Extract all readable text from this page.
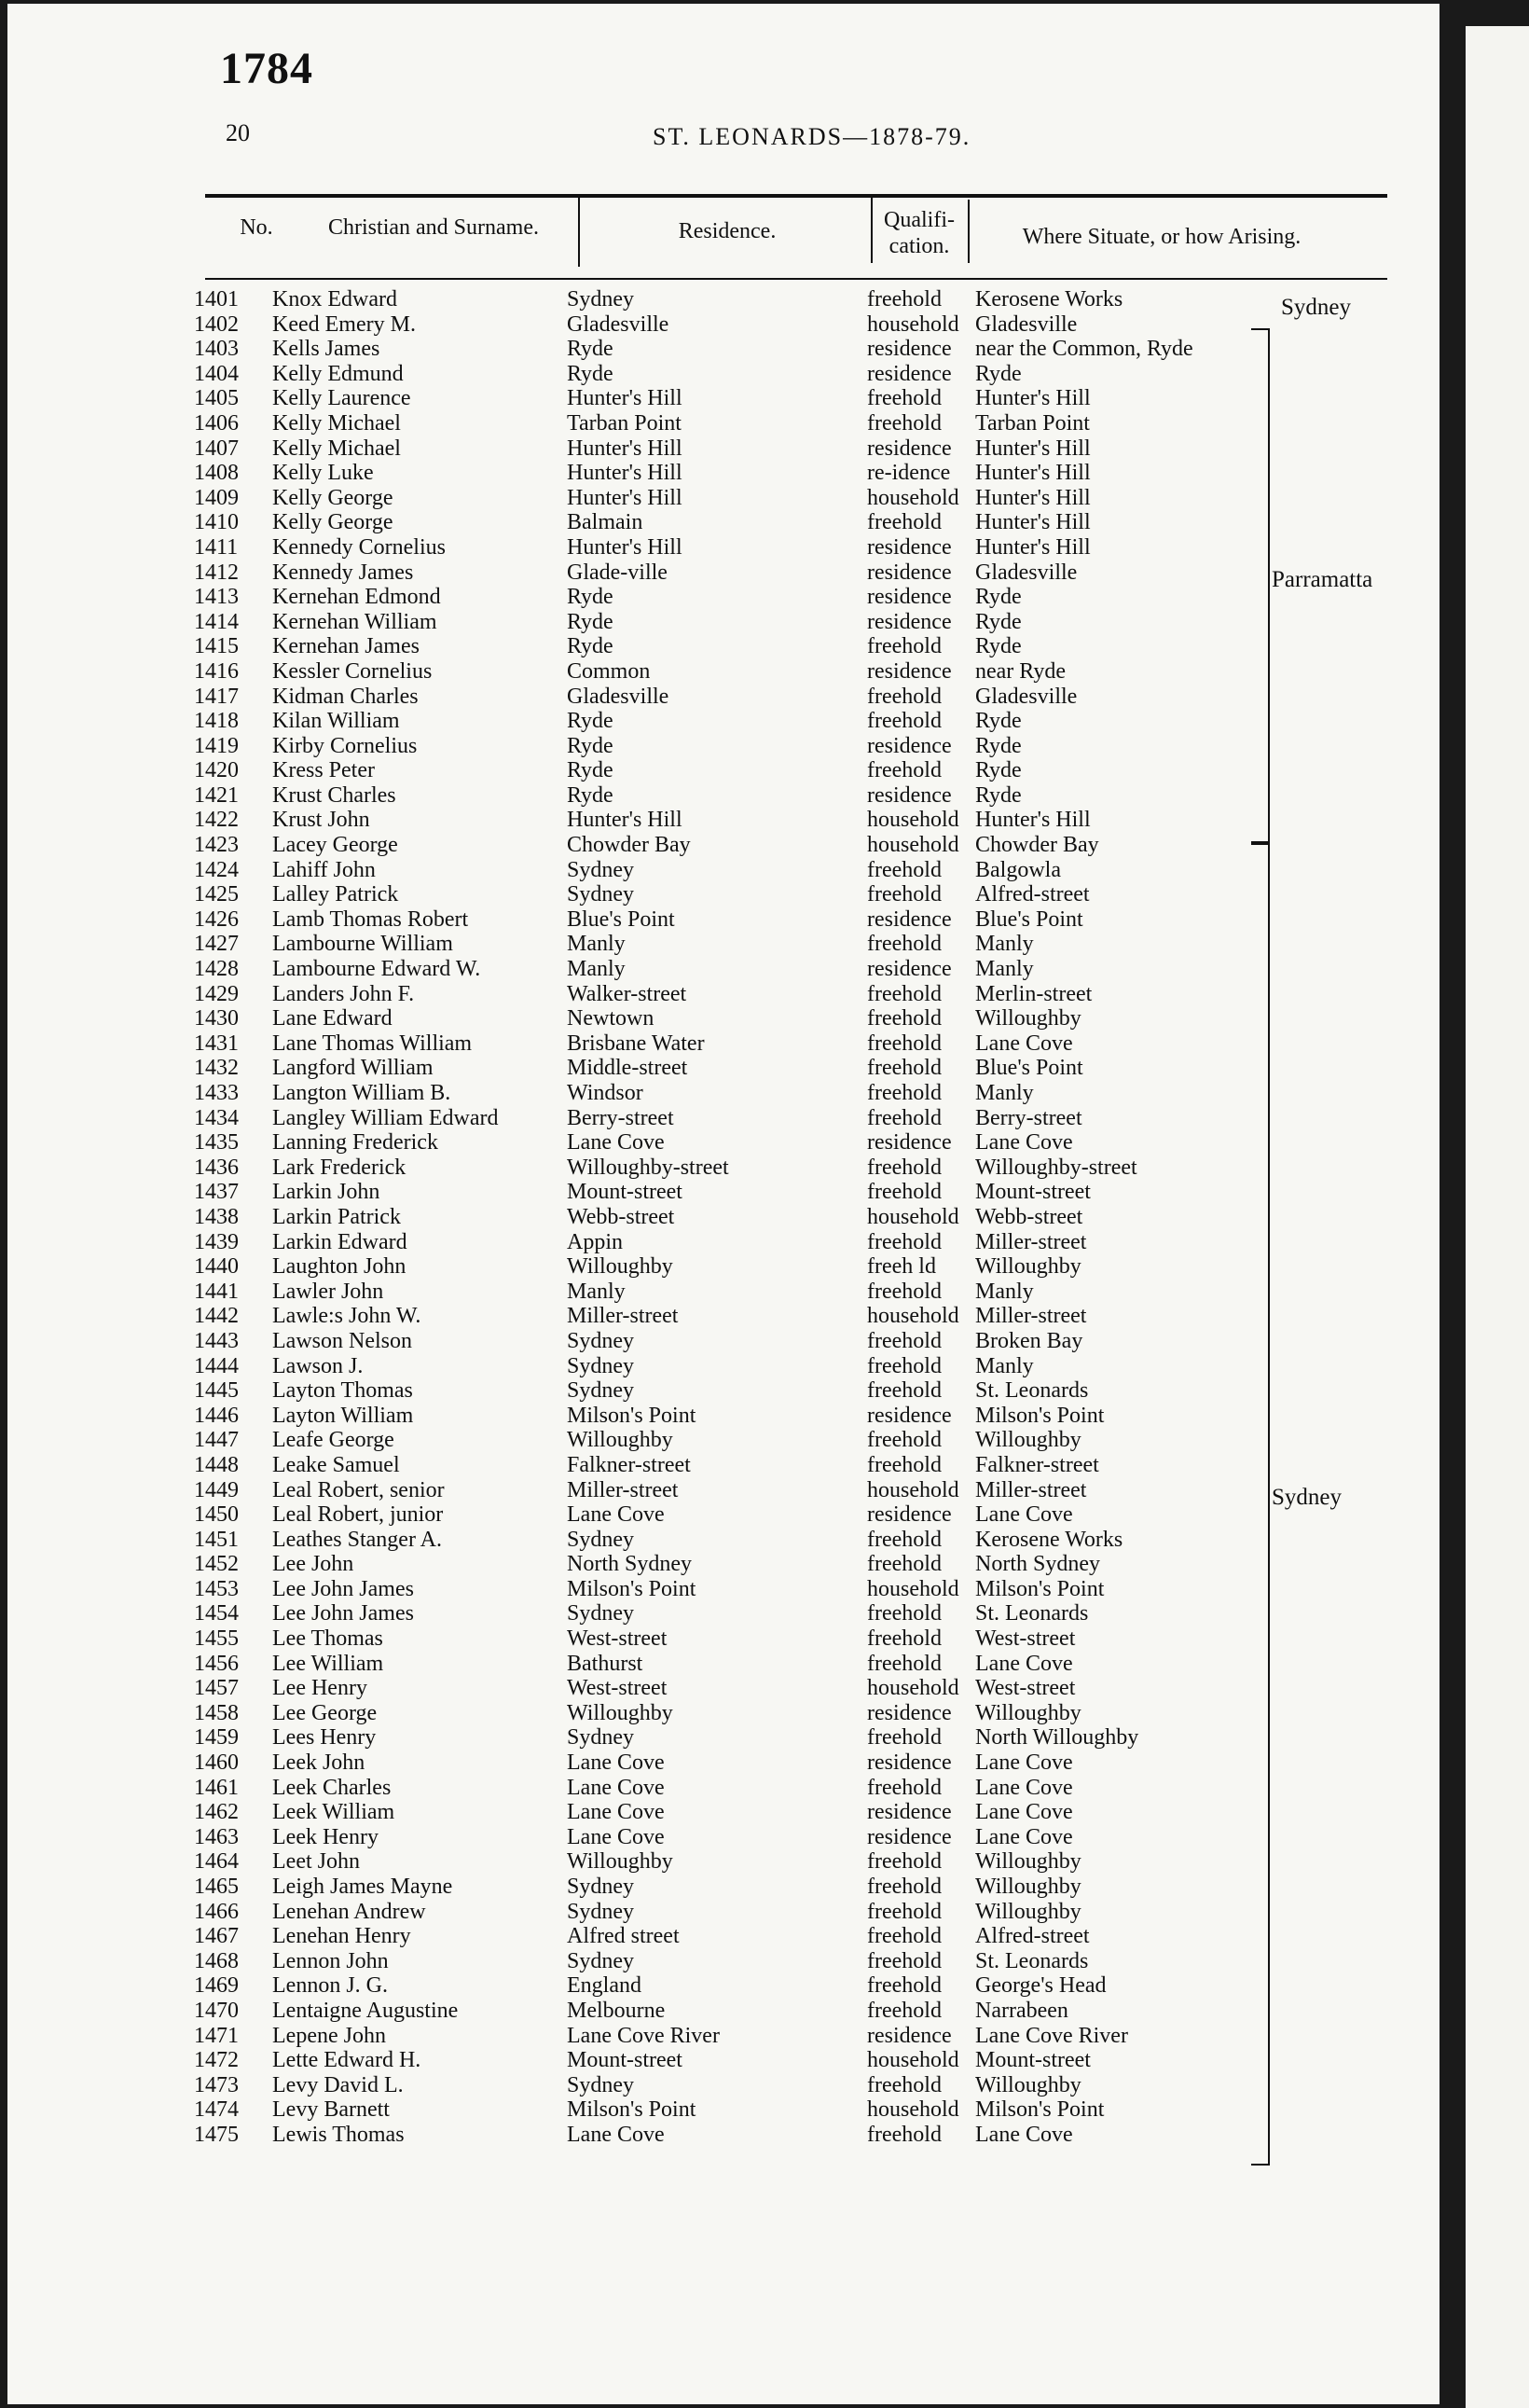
1784
20	ST. LEONARDS—1878-79.
No.	Christian and Surname.	Residence.	Qualifi-cation.	Where Situate, or how Arising.
1401 Knox Edward	Sydney	freehold Kerosene Works
1402 Keed Emery M.	Gladesville	household Gladesville
1403 Kells James	Ryde	residence near the Common, Ryde
1404 Kelly Edmund	Ryde	residence Ryde
1405 Kelly Laurence	Hunter's Hill	freehold Hunter's Hill
1406 Kelly Michael	Tarban Point	freehold Tarban Point
1407 Kelly Michael	Hunter's Hill	residence Hunter's Hill
1408 Kelly Luke	Hunter's Hill	re-idence Hunter's Hill
1409 Kelly George	Hunter's Hill	household Hunter's Hill
1410 Kelly George	Balmain	freehold Hunter's Hill
1411 Kennedy Cornelius	Hunter's Hill	residence Hunter's Hill
1412 Kennedy James	Glade-ville	residence Gladesville
1413 Kernehan Edmond	Ryde	residence Ryde
1414 Kernehan William	Ryde	residence Ryde
1415 Kernehan James	Ryde	freehold Ryde
1416 Kessler Cornelius	Common	residence near Ryde
1417 Kidman Charles	Gladesville	freehold Gladesville
1418 Kilan William	Ryde	freehold Ryde
1419 Kirby Cornelius	Ryde	residence Ryde
1420 Kress Peter	Ryde	freehold Ryde
1421 Krust Charles	Ryde	residence Ryde
1422 Krust John	Hunter's Hill	household Hunter's Hill
1423 Lacey George	Chowder Bay	household Chowder Bay
1424 Lahiff John	Sydney	freehold Balgowla
1425 Lalley Patrick	Sydney	freehold Alfred-street
1426 Lamb Thomas Robert	Blue's Point	residence Blue's Point
1427 Lambourne William	Manly	freehold Manly
1428 Lambourne Edward W.	Manly	residence Manly
1429 Landers John F.	Walker-street	freehold Merlin-street
1430 Lane Edward	Newtown	freehold Willoughby
1431 Lane Thomas William	Brisbane Water	freehold Lane Cove
1432 Langford William	Middle-street	freehold Blue's Point
1433 Langton William B.	Windsor	freehold Manly
1434 Langley William Edward	Berry-street	freehold Berry-street
1435 Lanning Frederick	Lane Cove	residence Lane Cove
1436 Lark Frederick	Willoughby-street	freehold Willoughby-street
1437 Larkin John	Mount-street	freehold Mount-street
1438 Larkin Patrick	Webb-street	household Webb-street
1439 Larkin Edward	Appin	freehold Miller-street
1440 Laughton John	Willoughby	freeh ld Willoughby
1441 Lawler John	Manly	freehold Manly
1442 Lawle:s John W.	Miller-street	household Miller-street
1443 Lawson Nelson	Sydney	freehold Broken Bay
1444 Lawson J.	Sydney	freehold Manly
1445 Layton Thomas	Sydney	freehold St. Leonards
1446 Layton William	Milson's Point	residence Milson's Point
1447 Leafe George	Willoughby	freehold Willoughby
1448 Leake Samuel	Falkner-street	freehold Falkner-street
1449 Leal Robert, senior	Miller-street	household Miller-street
1450 Leal Robert, junior	Lane Cove	residence Lane Cove
1451 Leathes Stanger A.	Sydney	freehold Kerosene Works
1452 Lee John	North Sydney	freehold North Sydney
1453 Lee John James	Milson's Point	household Milson's Point
1454 Lee John James	Sydney	freehold St. Leonards
1455 Lee Thomas	West-street	freehold West-street
1456 Lee William	Bathurst	freehold Lane Cove
1457 Lee Henry	West-street	household West-street
1458 Lee George	Willoughby	residence Willoughby
1459 Lees Henry	Sydney	freehold North Willoughby
1460 Leek John	Lane Cove	residence Lane Cove
1461 Leek Charles	Lane Cove	freehold Lane Cove
1462 Leek William	Lane Cove	residence Lane Cove
1463 Leek Henry	Lane Cove	residence Lane Cove
1464 Leet John	Willoughby	freehold Willoughby
1465 Leigh James Mayne	Sydney	freehold Willoughby
1466 Lenehan Andrew	Sydney	freehold Willoughby
1467 Lenehan Henry	Alfred street	freehold Alfred-street
1468 Lennon John	Sydney	freehold St. Leonards
1469 Lennon J. G.	England	freehold George's Head
1470 Lentaigne Augustine	Melbourne	freehold Narrabeen
1471 Lepene John	Lane Cove River	residence Lane Cove River
1472 Lette Edward H.	Mount-street	household Mount-street
1473 Levy David L.	Sydney	freehold Willoughby
1474 Levy Barnett	Milson's Point	household Milson's Point
1475 Lewis Thomas	Lane Cove	freehold Lane Cove
Sydney
Parramatta
Sydney
